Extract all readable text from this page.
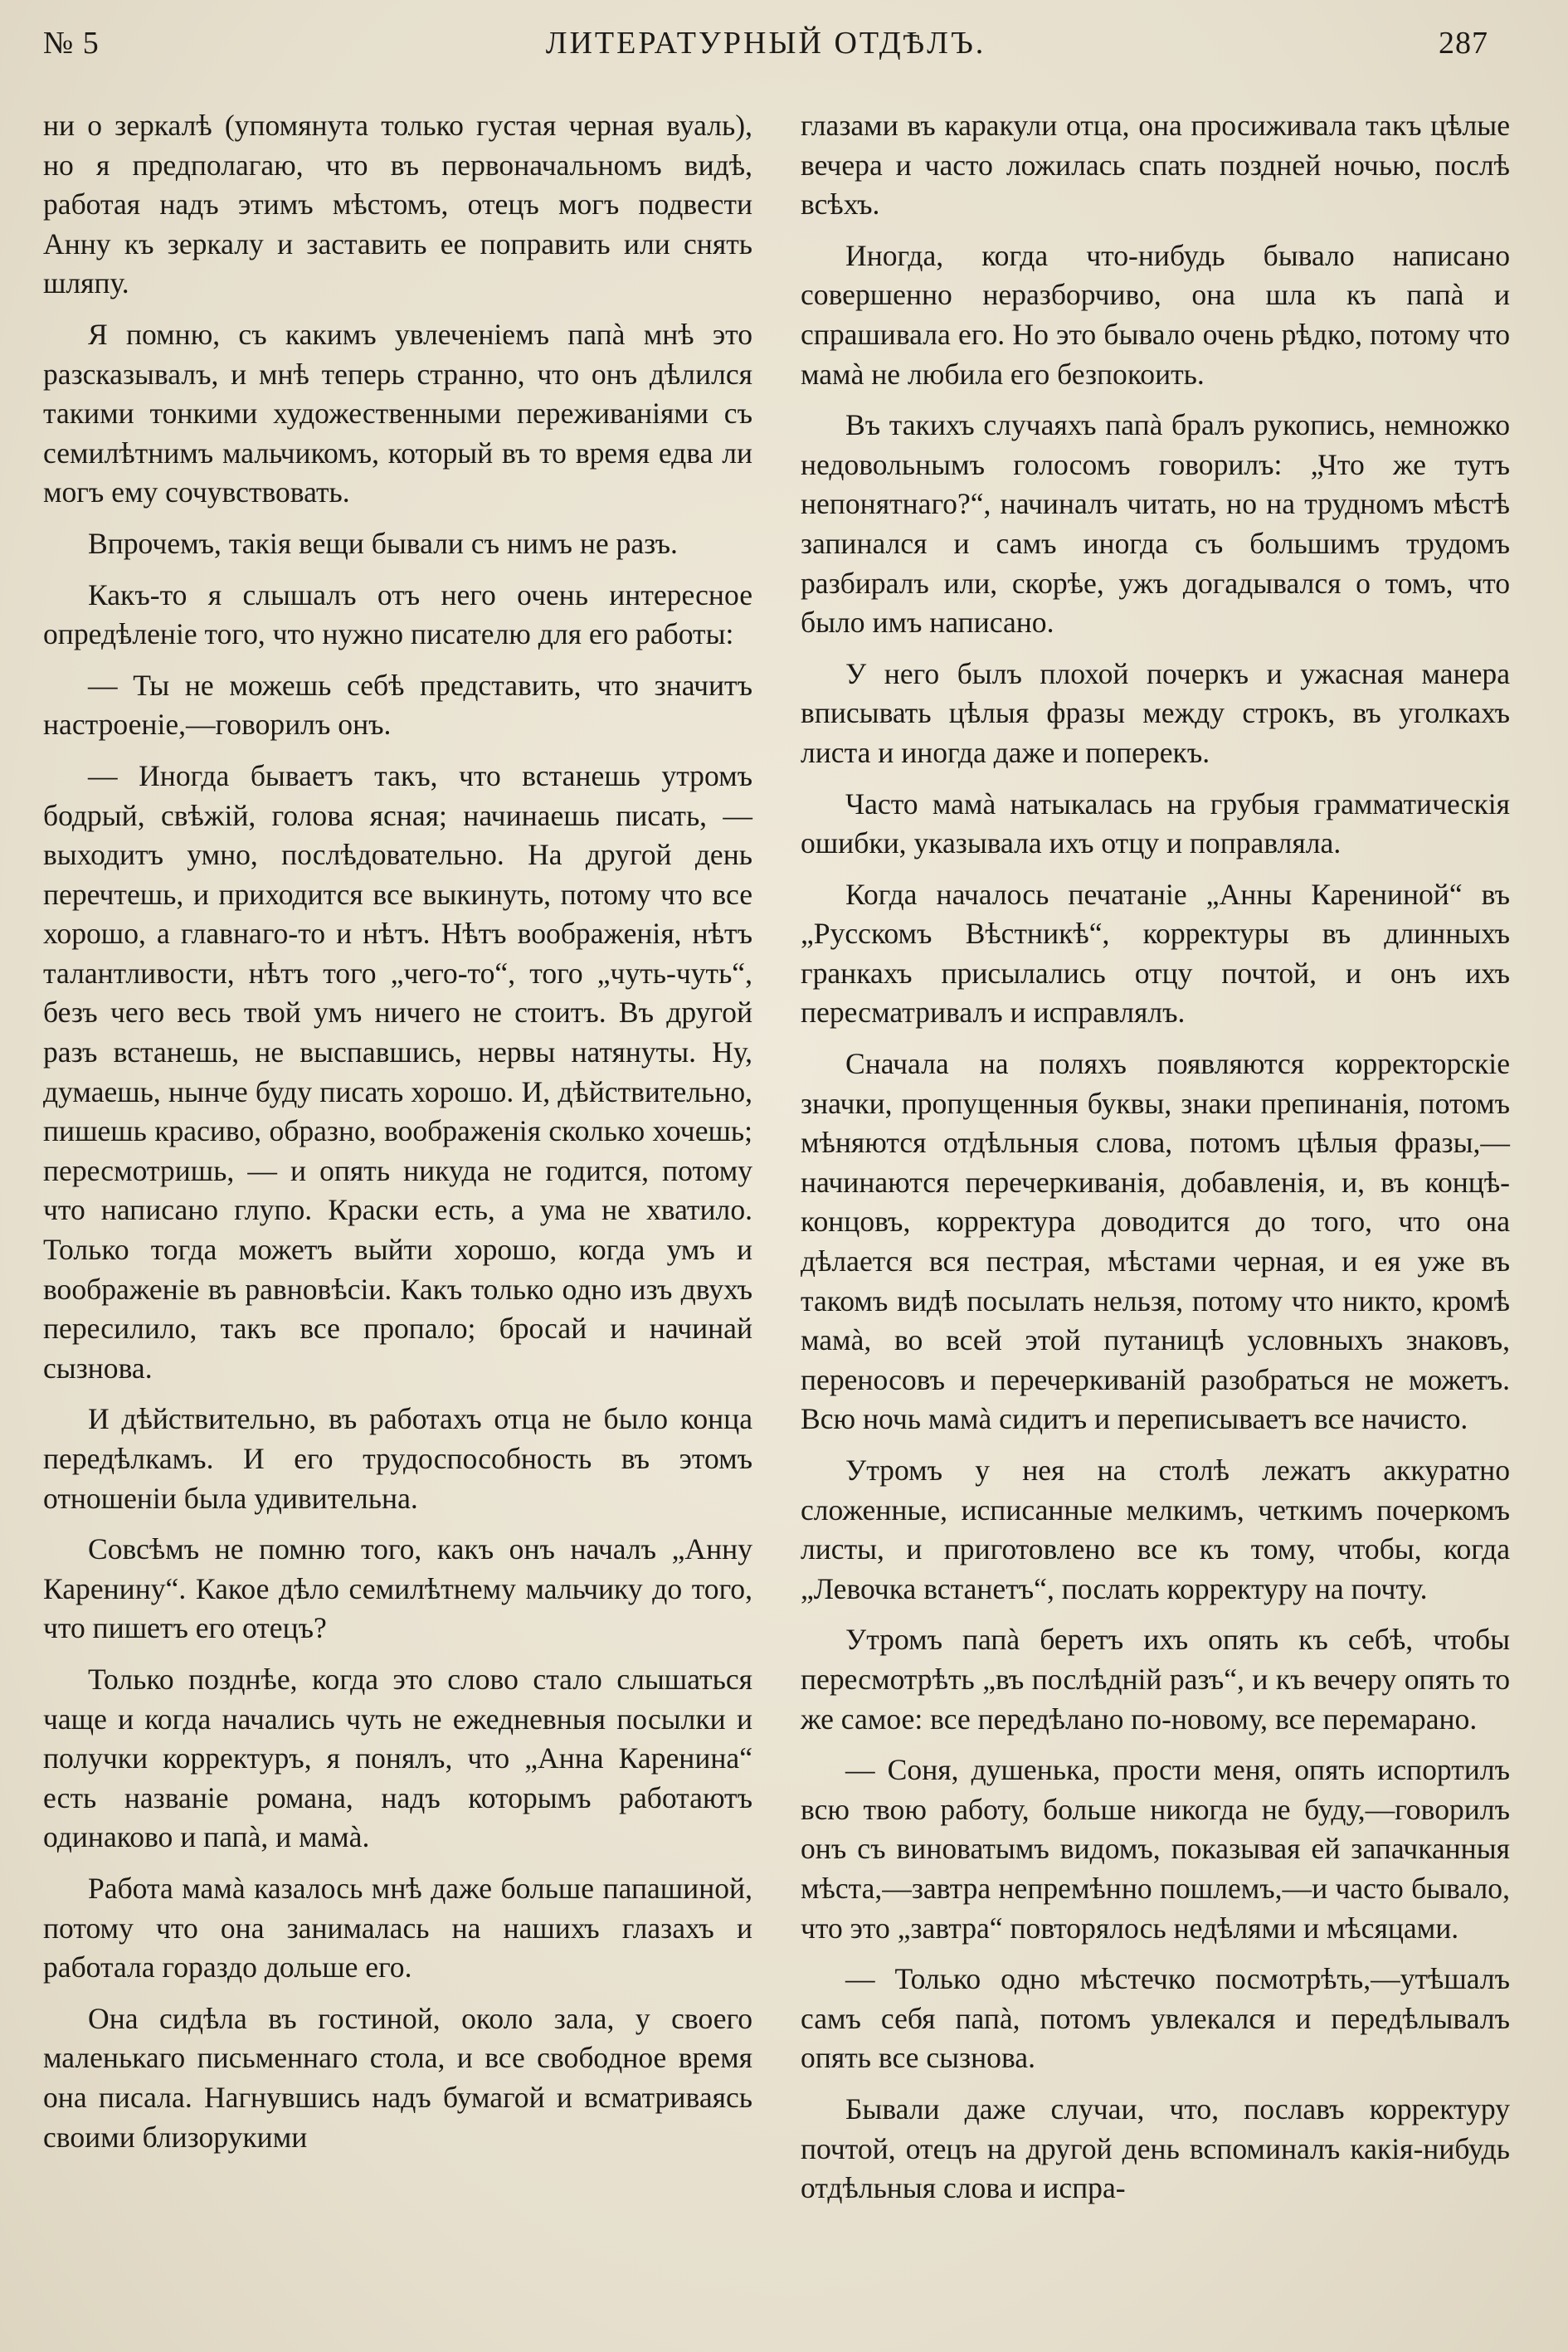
№ 5	ЛИТЕРАТУРНЫЙ ОТДѢЛЪ.	287

ни о зеркалѣ (упомянута только густая черная вуаль), но я предполагаю, что въ первоначальномъ видѣ, работая надъ этимъ мѣстомъ, отецъ могъ подвести Анну къ зеркалу и заставить ее поправить или снять шляпу.

Я помню, съ какимъ увлеченіемъ папà мнѣ это разсказывалъ, и мнѣ теперь странно, что онъ дѣлился такими тонкими художественными переживаніями съ семилѣтнимъ мальчикомъ, который въ то время едва ли могъ ему сочувствовать.

Впрочемъ, такія вещи бывали съ нимъ не разъ.

Какъ-то я слышалъ отъ него очень интересное опредѣленіе того, что нужно писателю для его работы:

— Ты не можешь себѣ представить, что значитъ настроеніе,—говорилъ онъ.

— Иногда бываетъ такъ, что встанешь утромъ бодрый, свѣжій, голова ясная; начинаешь писать, — выходитъ умно, послѣдовательно. На другой день перечтешь, и приходится все выкинуть, потому что все хорошо, а главнаго-то и нѣтъ. Нѣтъ воображенія, нѣтъ талантливости, нѣтъ того „чего-то“, того „чуть-чуть“, безъ чего весь твой умъ ничего не стоитъ. Въ другой разъ встанешь, не выспавшись, нервы натянуты. Ну, думаешь, нынче буду писать хорошо. И, дѣйствительно, пишешь красиво, образно, воображенія сколько хочешь; пересмотришь, — и опять никуда не годится, потому что написано глупо. Краски есть, а ума не хватило. Только тогда можетъ выйти хорошо, когда умъ и воображеніе въ равновѣсіи. Какъ только одно изъ двухъ пересилило, такъ все пропало; бросай и начинай сызнова.

И дѣйствительно, въ работахъ отца не было конца передѣлкамъ. И его трудоспособность въ этомъ отношеніи была удивительна.

Совсѣмъ не помню того, какъ онъ началъ „Анну Каренину“. Какое дѣло семилѣтнему мальчику до того, что пишетъ его отецъ?

Только позднѣе, когда это слово стало слышаться чаще и когда начались чуть не ежедневныя посылки и получки корректуръ, я понялъ, что „Анна Каренина“ есть названіе романа, надъ которымъ работаютъ одинаково и папà, и мамà.

Работа мамà казалось мнѣ даже больше папашиной, потому что она занималась на нашихъ глазахъ и работала гораздо дольше его.

Она сидѣла въ гостиной, около зала, у своего маленькаго письменнаго стола, и все свободное время она писала. Нагнувшись надъ бумагой и всматриваясь своими близорукими

глазами въ каракули отца, она просиживала такъ цѣлые вечера и часто ложилась спать поздней ночью, послѣ всѣхъ.

Иногда, когда что-нибудь бывало написано совершенно неразборчиво, она шла къ папà и спрашивала его. Но это бывало очень рѣдко, потому что мамà не любила его безпокоить.

Въ такихъ случаяхъ папà бралъ рукопись, немножко недовольнымъ голосомъ говорилъ: „Что же тутъ непонятнаго?“, начиналъ читать, но на трудномъ мѣстѣ запинался и самъ иногда съ большимъ трудомъ разбиралъ или, скорѣе, ужъ догадывался о томъ, что было имъ написано.

У него былъ плохой почеркъ и ужасная манера вписывать цѣлыя фразы между строкъ, въ уголкахъ листа и иногда даже и поперекъ.

Часто мамà натыкалась на грубыя грамматическія ошибки, указывала ихъ отцу и поправляла.

Когда началось печатаніе „Анны Карениной“ въ „Русскомъ Вѣстникѣ“, корректуры въ длинныхъ гранкахъ присылались отцу почтой, и онъ ихъ пересматривалъ и исправлялъ.

Сначала на поляхъ появляются корректорскіе значки, пропущенныя буквы, знаки препинанія, потомъ мѣняются отдѣльныя слова, потомъ цѣлыя фразы,—начинаются перечеркиванія, добавленія, и, въ концѣ-концовъ, корректура доводится до того, что она дѣлается вся пестрая, мѣстами черная, и ея уже въ такомъ видѣ посылать нельзя, потому что никто, кромѣ мамà, во всей этой путаницѣ условныхъ знаковъ, переносовъ и перечеркиваній разобраться не можетъ. Всю ночь мамà сидитъ и переписываетъ все начисто.

Утромъ у нея на столѣ лежатъ аккуратно сложенные, исписанные мелкимъ, четкимъ почеркомъ листы, и приготовлено все къ тому, чтобы, когда „Левочка встанетъ“, послать корректуру на почту.

Утромъ папà беретъ ихъ опять къ себѣ, чтобы пересмотрѣть „въ послѣдній разъ“, и къ вечеру опять то же самое: все передѣлано по-новому, все перемарано.

— Соня, душенька, прости меня, опять испортилъ всю твою работу, больше никогда не буду,—говорилъ онъ съ виноватымъ видомъ, показывая ей запачканныя мѣста,—завтра непремѣнно пошлемъ,—и часто бывало, что это „завтра“ повторялось недѣлями и мѣсяцами.

— Только одно мѣстечко посмотрѣть,—утѣшалъ самъ себя папà, потомъ увлекался и передѣлывалъ опять все сызнова.

Бывали даже случаи, что, пославъ корректуру почтой, отецъ на другой день вспоминалъ какія-нибудь отдѣльныя слова и испра-
